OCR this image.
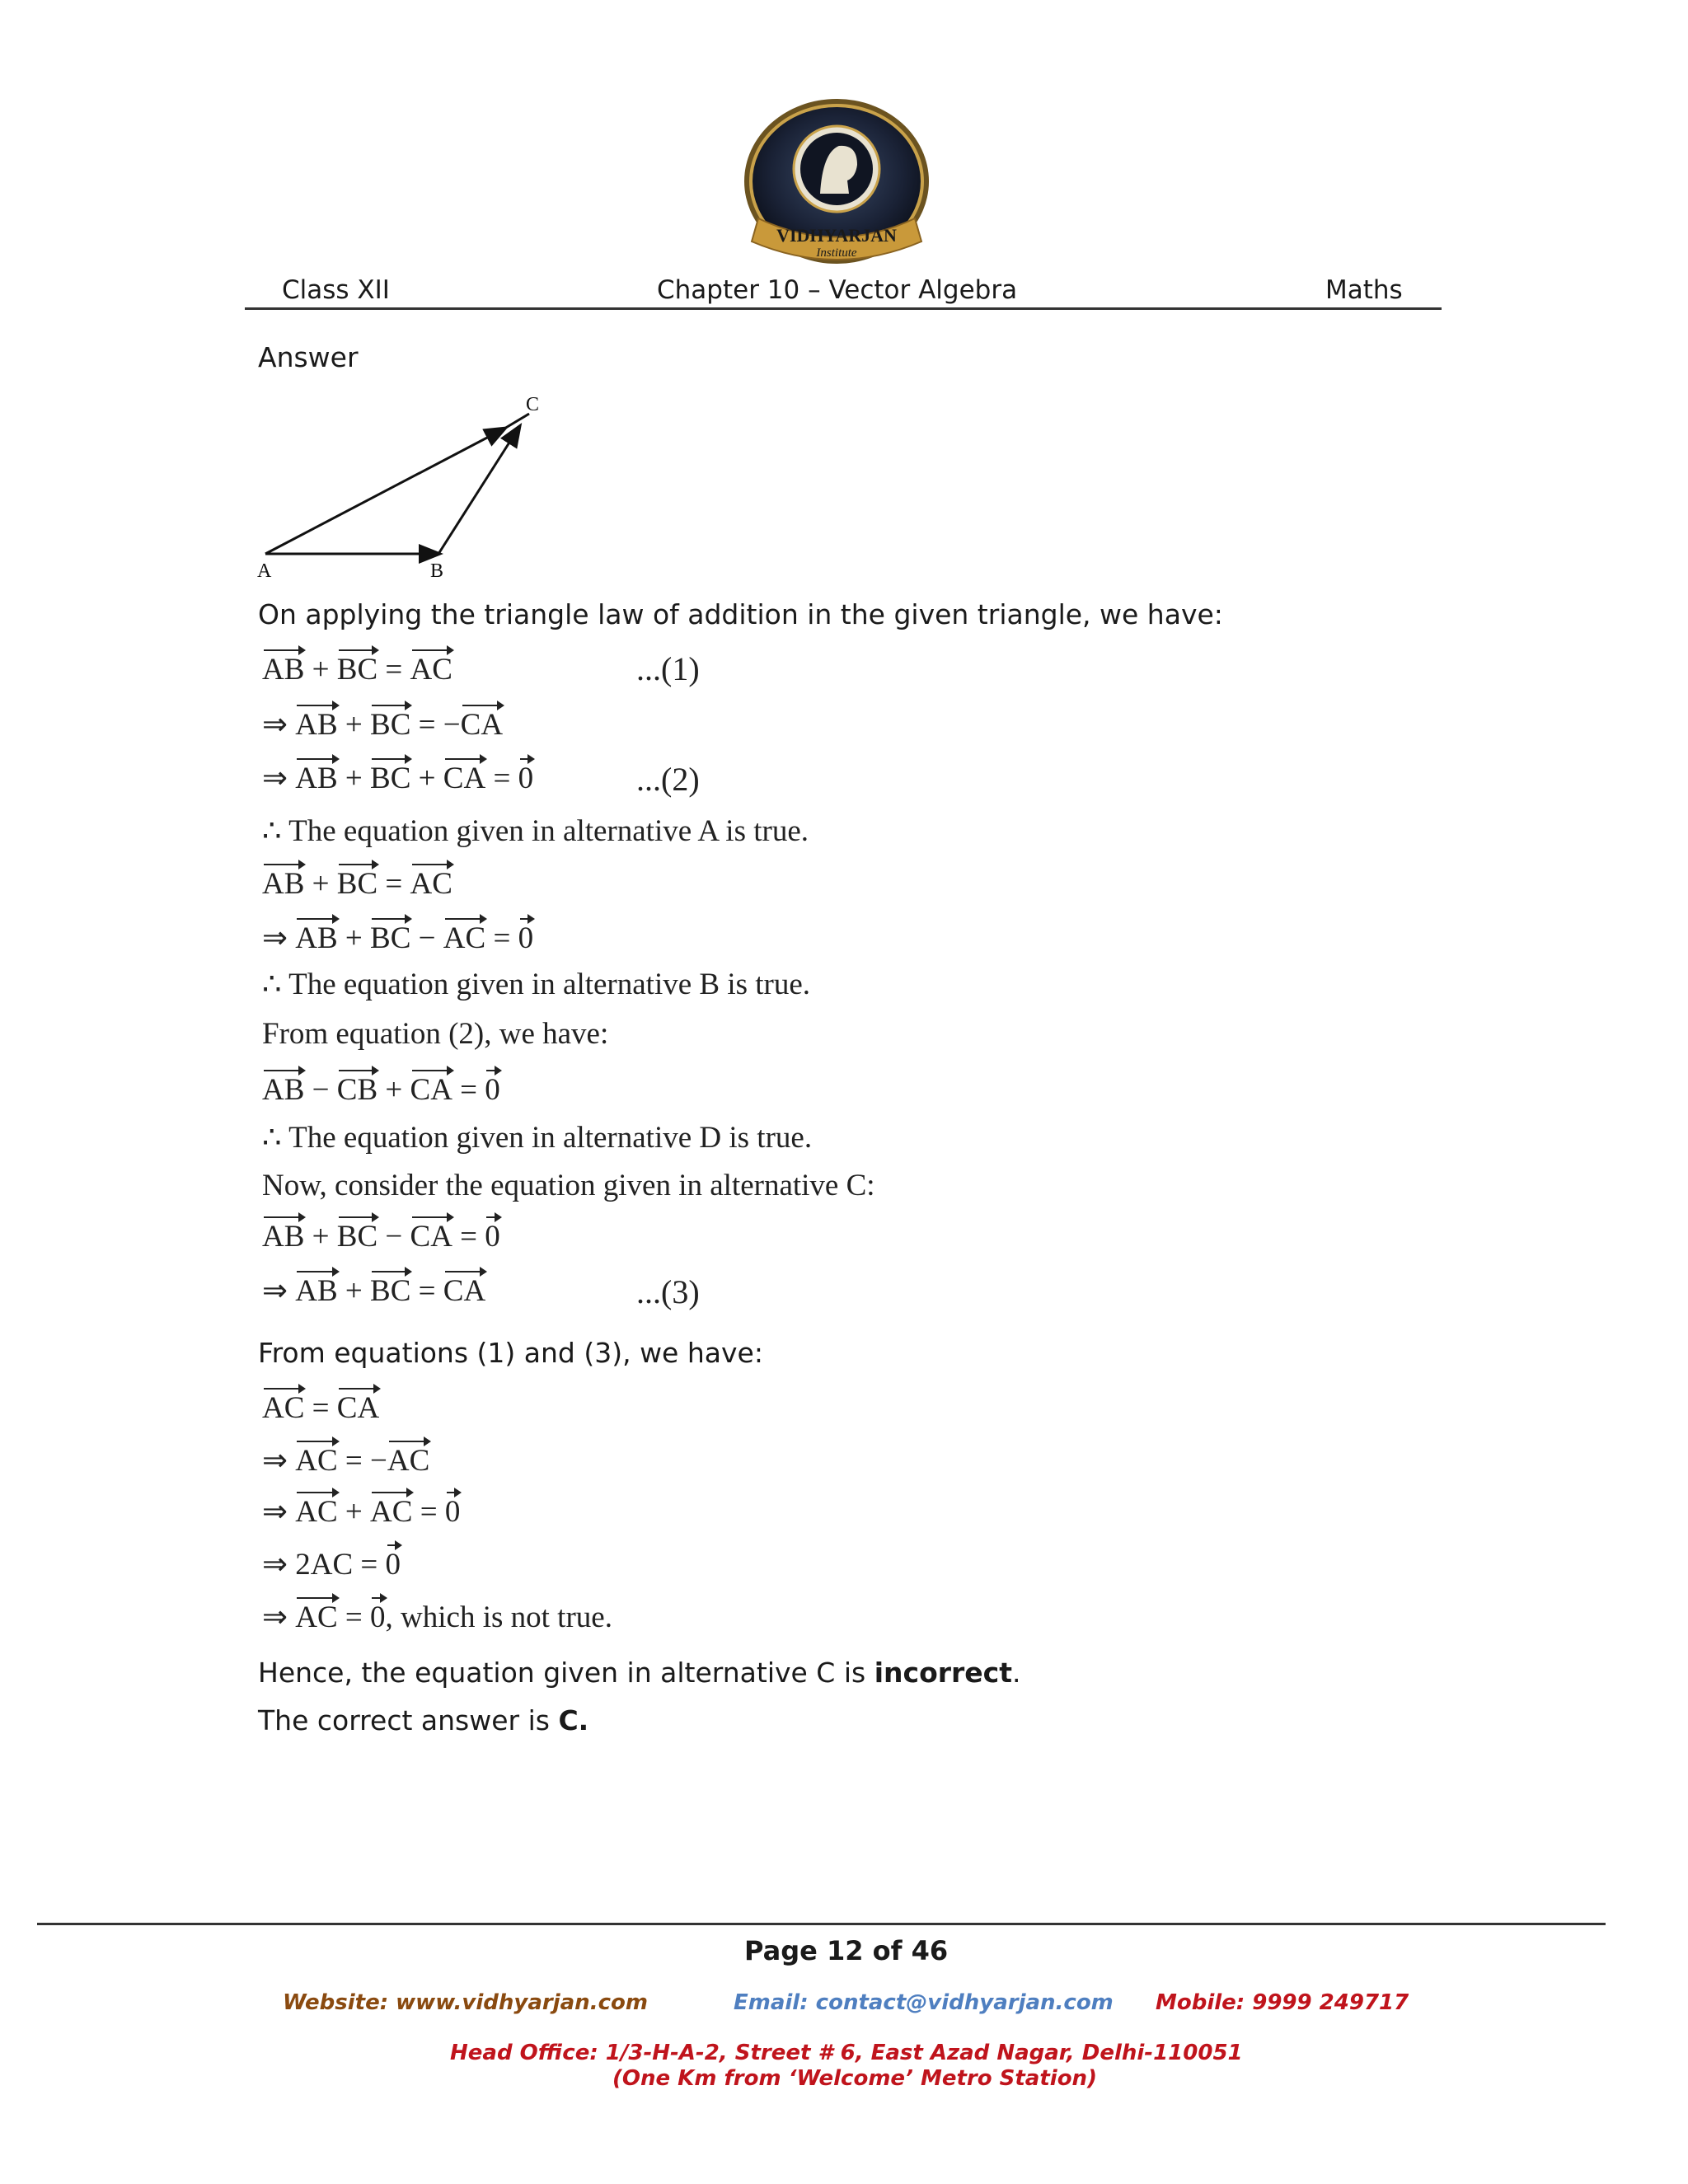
VIDHYARJAN
Institute
Class XII	Chapter 10 – Vector Algebra	Maths
Answer
A	B
C
On applying the triangle law of addition in the given triangle, we have:
AB + BC = AC	...(1)
⇒ AB + BC = −CA
⇒ AB + BC + CA = 0	...(2)
∴ The equation given in alternative A is true.
AB + BC = AC
⇒ AB + BC − AC = 0
∴ The equation given in alternative B is true.
From equation (2), we have:
AB − CB + CA = 0
∴ The equation given in alternative D is true.
Now, consider the equation given in alternative C:
AB + BC − CA = 0
⇒ AB + BC = CA	...(3)
From equations (1) and (3), we have:
AC = CA
⇒ AC = −AC
⇒ AC + AC = 0
⇒ 2AC = 0
⇒ AC = 0, which is not true.
Hence, the equation given in alternative C is incorrect.
The correct answer is C.
Page 12 of 46
Website: www.vidhyarjan.com	Email: contact@vidhyarjan.com Mobile: 9999 249717
Head Office: 1/3-H-A-2, Street # 6, East Azad Nagar, Delhi-110051
(One Km from ‘Welcome’ Metro Station)
